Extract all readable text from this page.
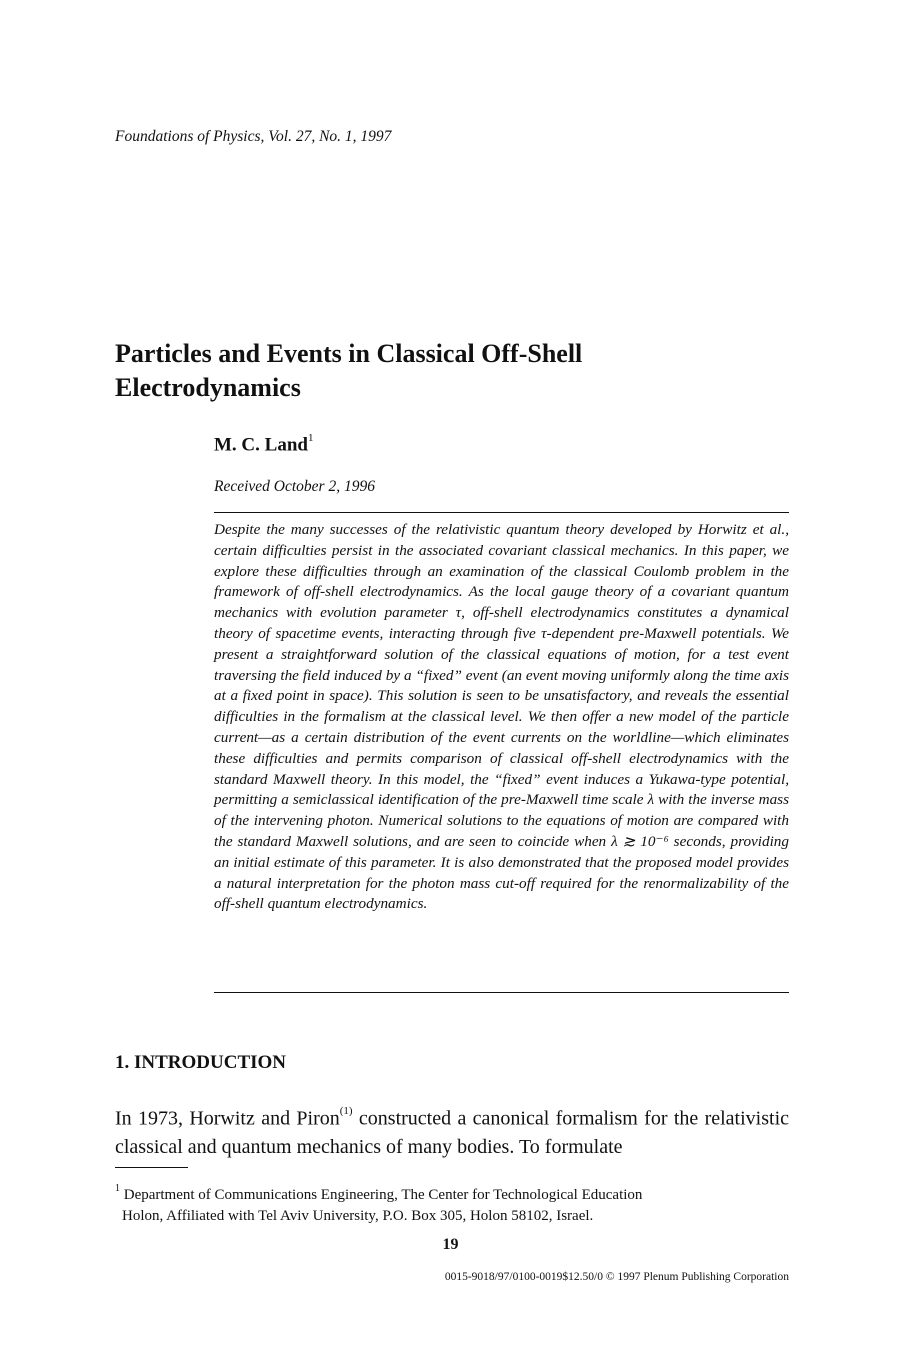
Foundations of Physics, Vol. 27, No. 1, 1997
Particles and Events in Classical Off-Shell
Electrodynamics
M. C. Land$^1$
Received October 2, 1996
Despite the many successes of the relativistic quantum theory developed by Horwitz et al., certain difficulties persist in the associated covariant classical mechanics. In this paper, we explore these difficulties through an examination of the classical Coulomb problem in the framework of off-shell electrodynamics. As the local gauge theory of a covariant quantum mechanics with evolution parameter τ, off-shell electrodynamics constitutes a dynamical theory of spacetime events, interacting through five τ-dependent pre-Maxwell potentials. We present a straightforward solution of the classical equations of motion, for a test event traversing the field induced by a “fixed” event (an event moving uniformly along the time axis at a fixed point in space). This solution is seen to be unsatisfactory, and reveals the essential difficulties in the formalism at the classical level. We then offer a new model of the particle current—as a certain distribution of the event currents on the worldline—which eliminates these difficulties and permits comparison of classical off-shell electrodynamics with the standard Maxwell theory. In this model, the “fixed” event induces a Yukawa-type potential, permitting a semiclassical identification of the pre-Maxwell time scale λ with the inverse mass of the intervening photon. Numerical solutions to the equations of motion are compared with the standard Maxwell solutions, and are seen to coincide when λ ≳ 10⁻⁶ seconds, providing an initial estimate of this parameter. It is also demonstrated that the proposed model provides a natural interpretation for the photon mass cut-off required for the renormalizability of the off-shell quantum electrodynamics.
1. INTRODUCTION
In 1973, Horwitz and Piron$^{(1)}$ constructed a canonical formalism for the relativistic classical and quantum mechanics of many bodies. To formulate
$^1$ Department of Communications Engineering, The Center for Technological Education
Holon, Affiliated with Tel Aviv University, P.O. Box 305, Holon 58102, Israel.
19
0015-9018/97/0100-0019$12.50/0 © 1997 Plenum Publishing Corporation
